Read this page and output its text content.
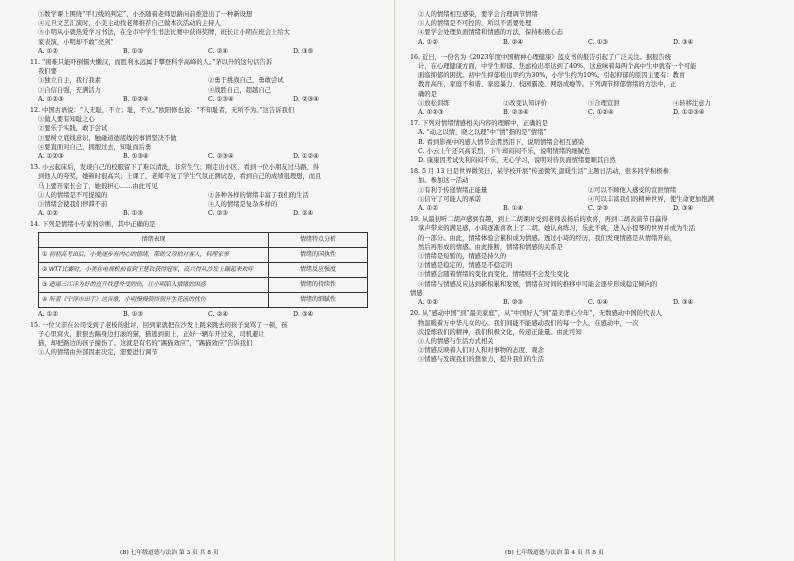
③数学课上围绕“平行线的判定”，小杰随着老师思路向前推进出了一种新设想
④元旦文艺汇演时，小美主动找老师推荐自己做本次活动的主持人
⑤小明从小就热爱学习书法，在全市中学生书法比赛中获得奖牌，班长让小明在班会上给大
家表演，小明却不敢“亮剑”
A. ①②	B. ①③	C. ②④	D. ③⑤
11. “困难只能吓倒懦夫懒汉，而胜利永远属于攀登科学高峰的人。”茅以升的这句话告诉
我们要
①独立自主，我行我素	②勇于挑战自己，勇敢尝试
③自信自强，充满活力	④战胜自己，超越自己
A. ①②③	B. ①②④	C. ①③④	D. ②③④
12. 中国古语说：“人无耻，不立；耻，不立。”欧阳修也说：“不知耻者，无所不为。”这告诉我们
①做人要有知耻之心
②要乐于实践，敢于尝试
③要树立底线意识，触碰道德底线的事情坚决不做
④要直面对自己，拥抱过去，知耻而后勇
A. ①②③	B. ①③④	C. ②③④	D. ①②④
13. 小云起床后，发现自己的校服留下了难以清洗，非常生气；刚走出小区，看到一位小朋友过马路，得
到他人的夸奖，她顿时很高兴；上课了，老师平复了学生气氛正测试卷，看到自己的成绩很理想，而且
马上要开家长会了，她很担心……由此可见
①人的情绪是不可捉摸的	②各种各样的情绪丰富了我们的生活
③情绪会使我们停滞不前	④人的情绪是复杂多样的
A. ①②	B. ①③	C. ②③	D. ②④
14. 下列是情绪小专家的诊断，其中正确的是
情绪表现	情绪特点分析
① 初初高考出后，小美逐步有内心的情绪，帮助父母拍对客人，料理家事	情绪的国执性
② WTT比赛时，小美在电视机前看到王楚钦获得冠军，高兴得从沙发上蹦起来欢呼	情绪反应强度
③ 造谣三江洋为好的直升找意外受的伤，让小明陷入情绪的困惑	情绪的持续性
④ 听着《宁浮市出手》这首歌，小明慢慢领悟别开生花流的忧伤	情绪的细腻性
A. ①②	B. ①③	C. ②④	D. ③④
15. 一位父亲在公司受到了老板的批评，回到家就把在沙发上跳来跳去的孩子臭骂了一顿，孩
子心里窝火，狠狠去踹身边打滚的猫，猫逃到街上，正好一辆车开过来，司机避让
猫，却把路边的孩子撞伤了。这就是有名的“踢猫效应”，“踢猫效应”告诉我们
①人的情绪由外部因素决定，需要进行调节
(B) 七年级道德与法治 第 3 页 共 8 页
②人的情绪相互感染，要学会合理调节情绪
③人的情绪是不可控的，所以不需要处理
④要学会处理负面情绪和情感的方法，保持积极心态
A. ①②	B. ②④	C. ①③	D. ③④
16. 近日，一份名为《2023年度中国精神心理健康》蓝皮书的报告引起了广泛关注。据报告统
计，在心理健康方面，中学生抑郁、焦虑检出率达到了40%，这意味着每两个高中生中就有一个可能
面临抑郁的困扰。初中生抑郁检出率约为30%，小学生约为10%。引起抑郁的原因主要有：教育
教育高压、家庭不和谐、家庭暴力、校园霸凌、网络成瘾等。下列调节抑郁情绪的方法中，正
确的是
①放松训练	②改变认知评价	③合理宣泄	④转移注意力
A. ①②③	B. ②③④	C. ①②④	D. ①②③④
17. 下列对情绪情感相关内容的理解中，正确的是
A. “动之以情，晓之以理”中“情”指的是“情绪”
B. 看到影视中的感人情节会潸然泪下，说明情绪会相互感染
C. 小云上午还兴高采烈，下午却闷闷不乐，说明情绪的细腻性
D. 康康因考试失利闷闷不乐，无心学习，说明对待负面情绪要顺其自然
18. 5 月 13 日是世界微笑日，某学校开展“传递微笑 温暖生活”主题日活动，很多同学积极参
加。参加这一活动
①有利于传递情绪正能量	②可以不顾他人感受的宣泄情绪
③信守了可能人的承诺	④可以丰富我们的精神世界，使生命更加饱满
A. ①②	B. ①④	C. ②③	D. ③④
19. 从最初听二胡声感到有趣，到上二胡课时受到老师表扬后的欢喜，再到二胡表演节目赢得
掌声带来的满足感，小琦逐渐喜欢上了二胡。她认真练习，乐此不疲，进入小提琴的世界并成为生活
的一部分。由此，情绪体验会累积成为情感。透过小琦的经历，我们发现情感是从情绪开始，
然后再形成的情感。由此推断，情绪和情感的关系是
①情绪是短暂的，情感是持久的
②情感是稳定的，情感是不稳定的
③情感会随着情绪的变化而变化，情绪则不会发生变化
④情绪与情感反应达到新积累和发展，情绪在时间的推移中可能会逐步形成稳定倾向的
情感
A. ①②	B. ②③	C. ①④	D. ③④
20. 从“感动中国”到“最美家庭”，从“中国好人”到“最美孝心少年”，无数感动中国的代表人
物温暖着万中华儿女的心。我们间能不能感动我们的每一个人，在感动中，一次
次提炼我们的精神，我们积极文化，传递正能量。由此可知
①人的情感与生活方式相关
②情感反映着人们对人和对事物的态度、观念
③情感与发现我们的想象力，提升我们的生活
(B) 七年级道德与法治 第 4 页 共 8 页
